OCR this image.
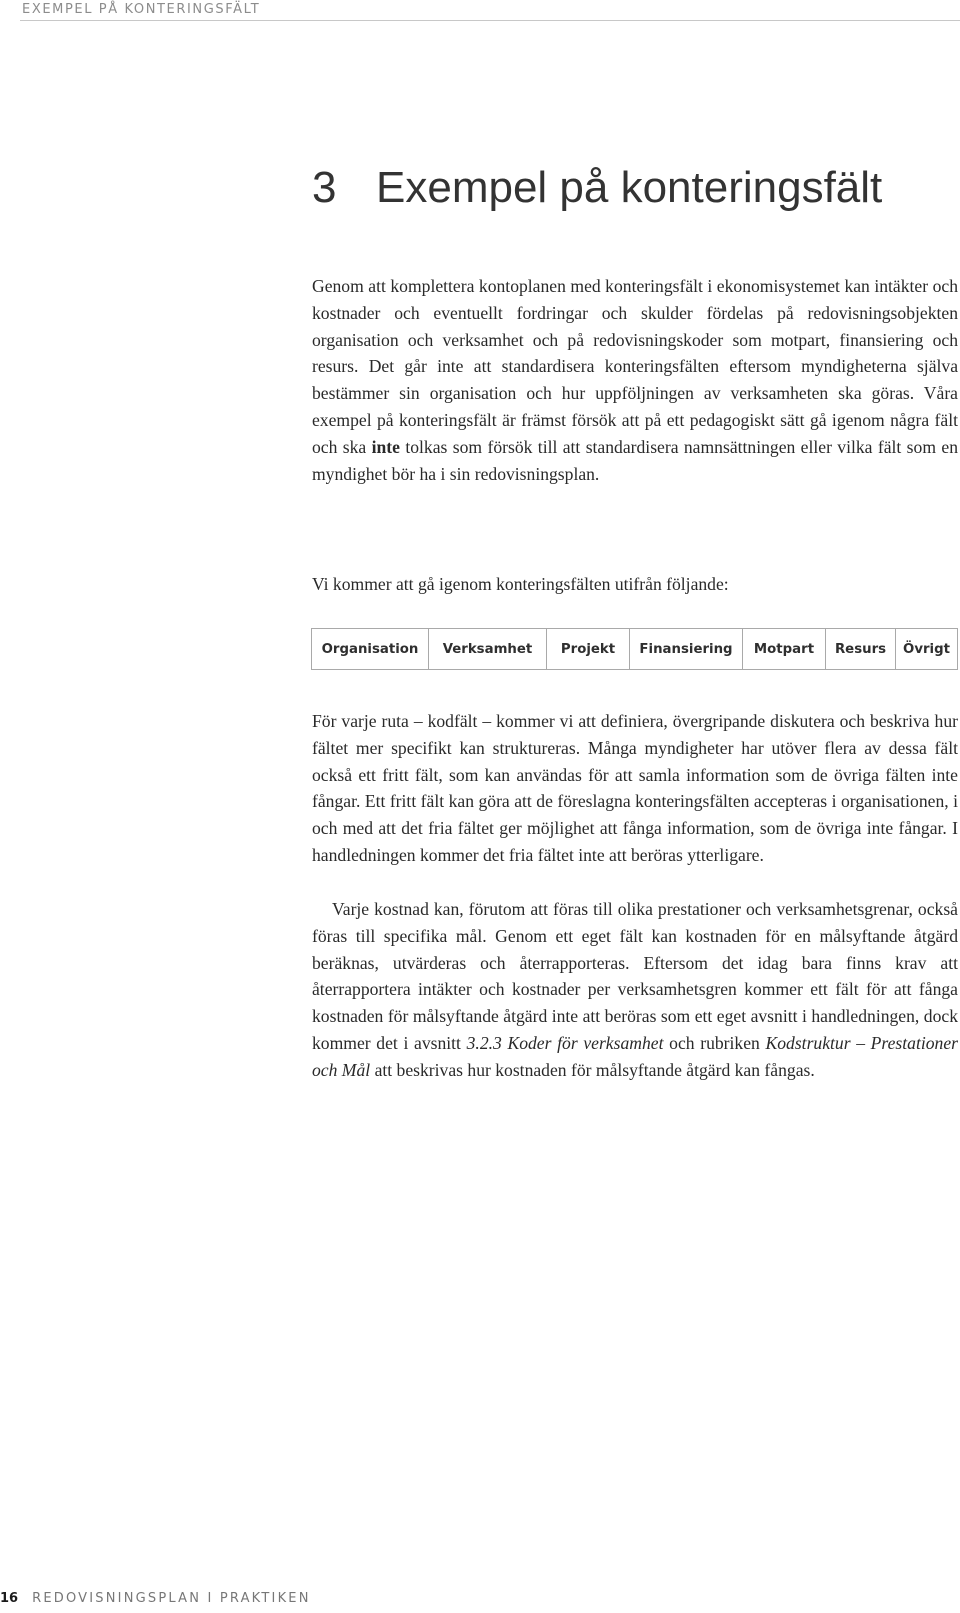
EXEMPEL PÅ KONTERINGSFÄLT
3 Exempel på konteringsfält

Genom att komplettera kontoplanen med konteringsfält i ekonomisystemet kan intäkter och kostnader och eventuellt fordringar och skulder fördelas på redovisningsobjekten organisation och verksamhet och på redovisningskoder som motpart, finansiering och resurs. Det går inte att standardisera konteringsfälten eftersom myndigheterna själva bestämmer sin organisation och hur uppföljningen av verksamheten ska göras. Våra exempel på konteringsfält är främst försök att på ett pedagogiskt sätt gå igenom några fält och ska inte tolkas som försök till att standardisera namnsättningen eller vilka fält som en myndighet bör ha i sin redovisningsplan.

Vi kommer att gå igenom konteringsfälten utifrån följande:

Organisation	Verksamhet	Projekt	Finansiering	Motpart	Resurs	Övrigt

För varje ruta – kodfält – kommer vi att definiera, övergripande diskutera och beskriva hur fältet mer specifikt kan struktureras. Många myndigheter har utöver flera av dessa fält också ett fritt fält, som kan användas för att samla information som de övriga fälten inte fångar. Ett fritt fält kan göra att de föreslagna konteringsfälten accepteras i organisationen, i och med att det fria fältet ger möjlighet att fånga information, som de övriga inte fångar. I handledningen kommer det fria fältet inte att beröras ytterligare.

Varje kostnad kan, förutom att föras till olika prestationer och verksamhetsgrenar, också föras till specifika mål. Genom ett eget fält kan kostnaden för en målsyftande åtgärd beräknas, utvärderas och återrapporteras. Eftersom det idag bara finns krav att återrapportera intäkter och kostnader per verksamhetsgren kommer ett fält för att fånga kostnaden för målsyftande åtgärd inte att beröras som ett eget avsnitt i handledningen, dock kommer det i avsnitt 3.2.3 Koder för verksamhet och rubriken Kodstruktur – Prestationer och Mål att beskrivas hur kostnaden för målsyftande åtgärd kan fångas.

16 REDOVISNINGSPLAN I PRAKTIKEN
